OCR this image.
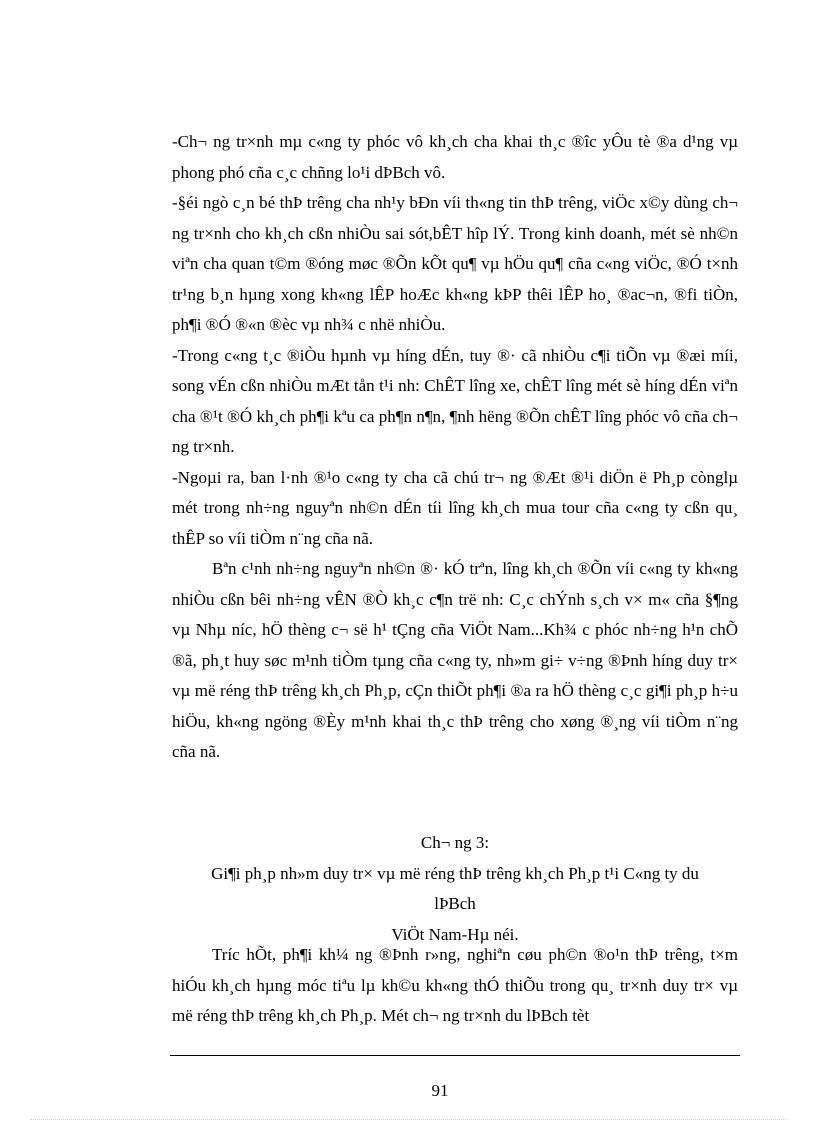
-Ch¬ ng tr×nh mµ c«ng ty phóc vô kh¸ch cha khai th¸c ®îc yÔu tè ®a d¹ng vµ phong phó cña c¸c chñng lo¹i dÞBch vô.

-§éi ngò c¸n bé thÞ trêng cha nh¹y bÐn víi th«ng tin thÞ trêng, viÖc x©y dùng ch¬ ng tr×nh cho kh¸ch cßn nhiÒu sai sót,bÊT hîp lÝ. Trong kinh doanh, mét sè nh©n viªn cha quan t©m ®óng møc ®Õn kÕt qu¶ vµ hÖu qu¶ cña c«ng viÖc, ®Ó t×nh tr¹ng b¸n hµng xong kh«ng lÊP hoÆc kh«ng kÞP thêi lÊP ho¸ ®ac¬n, ®fi tiÒn, ph¶i ®Ó ®«n ®èc vµ nh¾ c nhë nhiÒu.

-Trong c«ng t¸c ®iÒu hµnh vµ híng dÉn, tuy ®· cã nhiÒu c¶i tiÕn vµ ®æi míi, song vÉn cßn nhiÒu mÆt tån t¹i nh: ChÊT lîng xe, chÊT lîng mét sè híng dÉn viªn cha ®¹t ®Ó kh¸ch ph¶i kªu ca ph¶n n¶n, ¶nh hëng ®Õn chÊT lîng phóc vô cña ch¬ ng tr×nh.

-Ngoµi ra, ban l·nh ®¹o c«ng ty cha cã chú tr¬ ng ®Æt ®¹i diÖn ë Ph¸p cònglµ mét trong nh÷ng nguyªn nh©n dÉn tíi lîng kh¸ch mua tour cña c«ng ty cßn qu¸ thÊP so víi tiÒm n¨ng cña nã.

Bªn c¹nh nh÷ng nguyªn nh©n ®· kÓ trªn, lîng kh¸ch ®Õn víi c«ng ty kh«ng nhiÒu cßn bêi nh÷ng vÊN ®Ò kh¸c c¶n trë nh: C¸c chÝnh s¸ch v× m« cña §¶ng vµ Nhµ níc, hÖ thèng c¬ së h¹ tÇng cña ViÖt Nam...Kh¾ c phóc nh÷ng h¹n chÕ ®ã, ph¸t huy søc m¹nh tiÒm tµng cña c«ng ty, nh»m gi÷ v÷ng ®Þnh híng duy tr× vµ më réng thÞ trêng kh¸ch Ph¸p, cÇn thiÕt ph¶i ®a ra hÖ thèng c¸c gi¶i ph¸p h÷u hiÖu, kh«ng ngöng ®Èy m¹nh khai th¸c thÞ trêng cho xøng ®¸ng víi tiÒm n¨ng cña nã.

Ch¬ ng 3:
Gi¶i ph¸p nh»m duy tr× vµ më réng thÞ trêng kh¸ch Ph¸p t¹i C«ng ty du
lÞBch
ViÖt Nam-Hµ néi.

Tríc hÕt, ph¶i kh¼ ng ®Þnh r»ng, nghiªn cøu ph©n ®o¹n thÞ trêng, t×m hiÓu kh¸ch hµng móc tiªu lµ kh©u kh«ng thÓ thiÕu trong qu¸ tr×nh duy tr× vµ më réng thÞ trêng kh¸ch Ph¸p. Mét ch¬ ng tr×nh du lÞBch tèt

91
